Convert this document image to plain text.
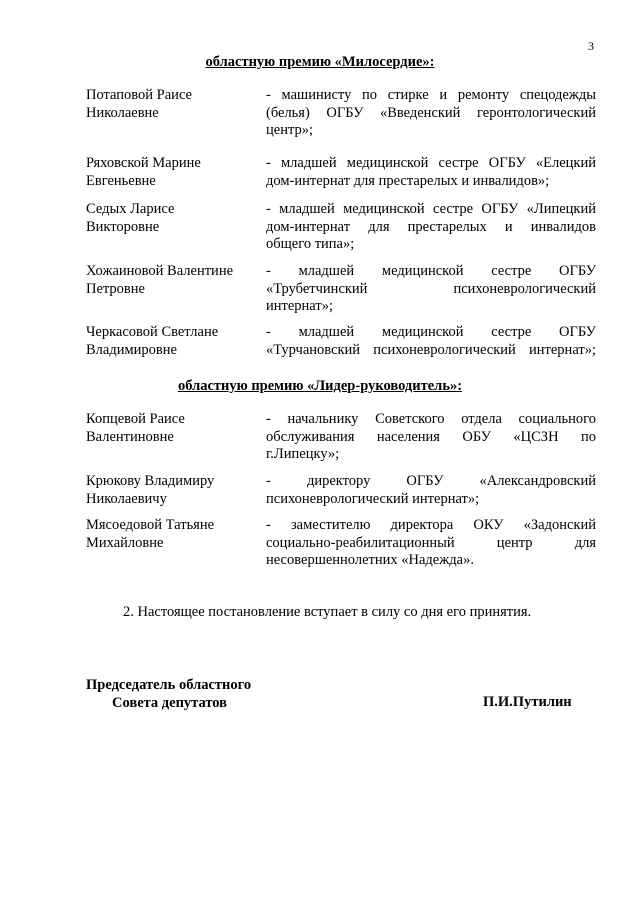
3
областную премию «Милосердие»:
Потаповой Раисе
Николаевне
- машинисту по стирке и ремонту спецодежды
(белья) ОГБУ «Введенский геронтологический
центр»;
Ряховской Марине
Евгеньевне
- младшей медицинской сестре ОГБУ «Елецкий
дом-интернат для престарелых и инвалидов»;
Седых Ларисе
Викторовне
- младшей медицинской сестре ОГБУ «Липецкий
дом-интернат для престарелых и инвалидов
общего типа»;
Хожаиновой Валентине
Петровне
- младшей медицинской сестре ОГБУ
«Трубетчинский психоневрологический
интернат»;
Черкасовой Светлане
Владимировне
- младшей медицинской сестре ОГБУ
«Турчановский психоневрологический интернат»;
областную премию «Лидер-руководитель»:
Копцевой Раисе
Валентиновне
- начальнику Советского отдела социального
обслуживания населения ОБУ «ЦСЗН по
г.Липецку»;
Крюкову Владимиру
Николаевичу
- директору ОГБУ «Александровский
психоневрологический интернат»;
Мясоедовой Татьяне
Михайловне
- заместителю директора ОКУ «Задонский
социально-реабилитационный центр для
несовершеннолетних «Надежда».
2. Настоящее постановление вступает в силу со дня его принятия.
Председатель областного
Совета депутатов	П.И.Путилин
